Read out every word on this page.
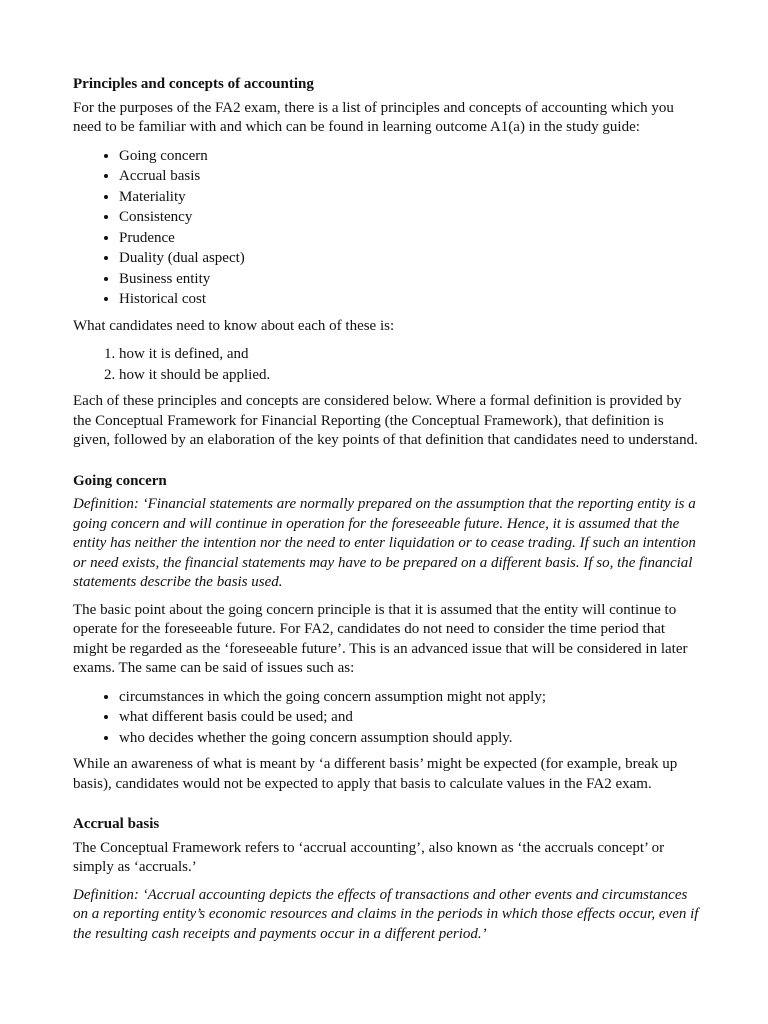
Principles and concepts of accounting

For the purposes of the FA2 exam, there is a list of principles and concepts of accounting which you need to be familiar with and which can be found in learning outcome A1(a) in the study guide:

• Going concern
• Accrual basis
• Materiality
• Consistency
• Prudence
• Duality (dual aspect)
• Business entity
• Historical cost

What candidates need to know about each of these is:

1. how it is defined, and
2. how it should be applied.

Each of these principles and concepts are considered below. Where a formal definition is provided by the Conceptual Framework for Financial Reporting (the Conceptual Framework), that definition is given, followed by an elaboration of the key points of that definition that candidates need to understand.

Going concern

Definition: ‘Financial statements are normally prepared on the assumption that the reporting entity is a going concern and will continue in operation for the foreseeable future. Hence, it is assumed that the entity has neither the intention nor the need to enter liquidation or to cease trading. If such an intention or need exists, the financial statements may have to be prepared on a different basis. If so, the financial statements describe the basis used.

The basic point about the going concern principle is that it is assumed that the entity will continue to operate for the foreseeable future. For FA2, candidates do not need to consider the time period that might be regarded as the ‘foreseeable future’. This is an advanced issue that will be considered in later exams. The same can be said of issues such as:

• circumstances in which the going concern assumption might not apply;
• what different basis could be used; and
• who decides whether the going concern assumption should apply.

While an awareness of what is meant by ‘a different basis’ might be expected (for example, break up basis), candidates would not be expected to apply that basis to calculate values in the FA2 exam.

Accrual basis

The Conceptual Framework refers to ‘accrual accounting’, also known as ‘the accruals concept’ or simply as ‘accruals.’

Definition: ‘Accrual accounting depicts the effects of transactions and other events and circumstances on a reporting entity’s economic resources and claims in the periods in which those effects occur, even if the resulting cash receipts and payments occur in a different period.’
